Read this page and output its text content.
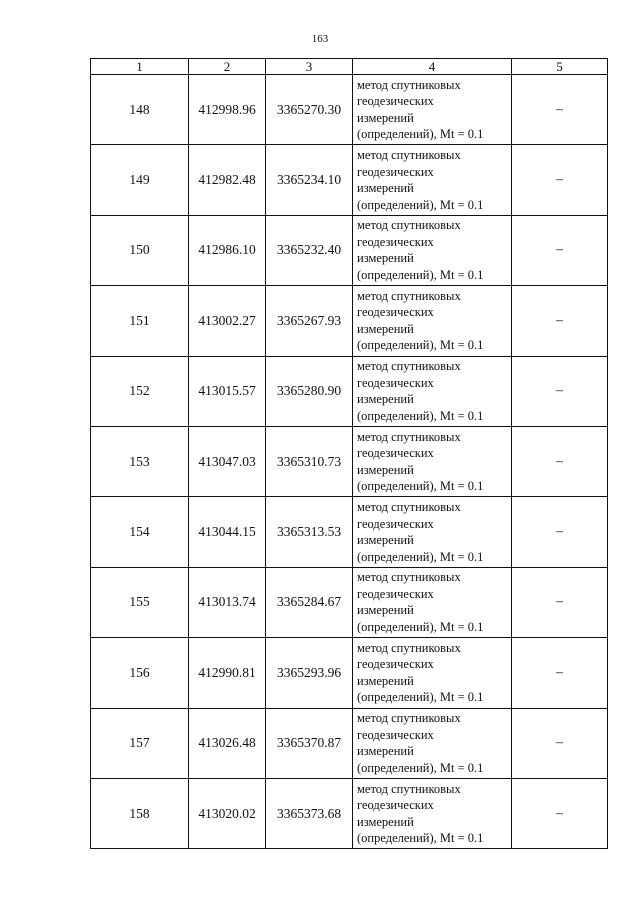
163
1	2	3	4	5
148	412998.96	3365270.30	метод спутниковых
геодезических
измерений
(определений), Mt = 0.1	–
149	412982.48	3365234.10	метод спутниковых
геодезических
измерений
(определений), Mt = 0.1	–
150	412986.10	3365232.40	метод спутниковых
геодезических
измерений
(определений), Mt = 0.1	–
151	413002.27	3365267.93	метод спутниковых
геодезических
измерений
(определений), Mt = 0.1	–
152	413015.57	3365280.90	метод спутниковых
геодезических
измерений
(определений), Mt = 0.1	–
153	413047.03	3365310.73	метод спутниковых
геодезических
измерений
(определений), Mt = 0.1	–
154	413044.15	3365313.53	метод спутниковых
геодезических
измерений
(определений), Mt = 0.1	–
155	413013.74	3365284.67	метод спутниковых
геодезических
измерений
(определений), Mt = 0.1	–
156	412990.81	3365293.96	метод спутниковых
геодезических
измерений
(определений), Mt = 0.1	–
157	413026.48	3365370.87	метод спутниковых
геодезических
измерений
(определений), Mt = 0.1	–
158	413020.02	3365373.68	метод спутниковых
геодезических
измерений
(определений), Mt = 0.1	–
